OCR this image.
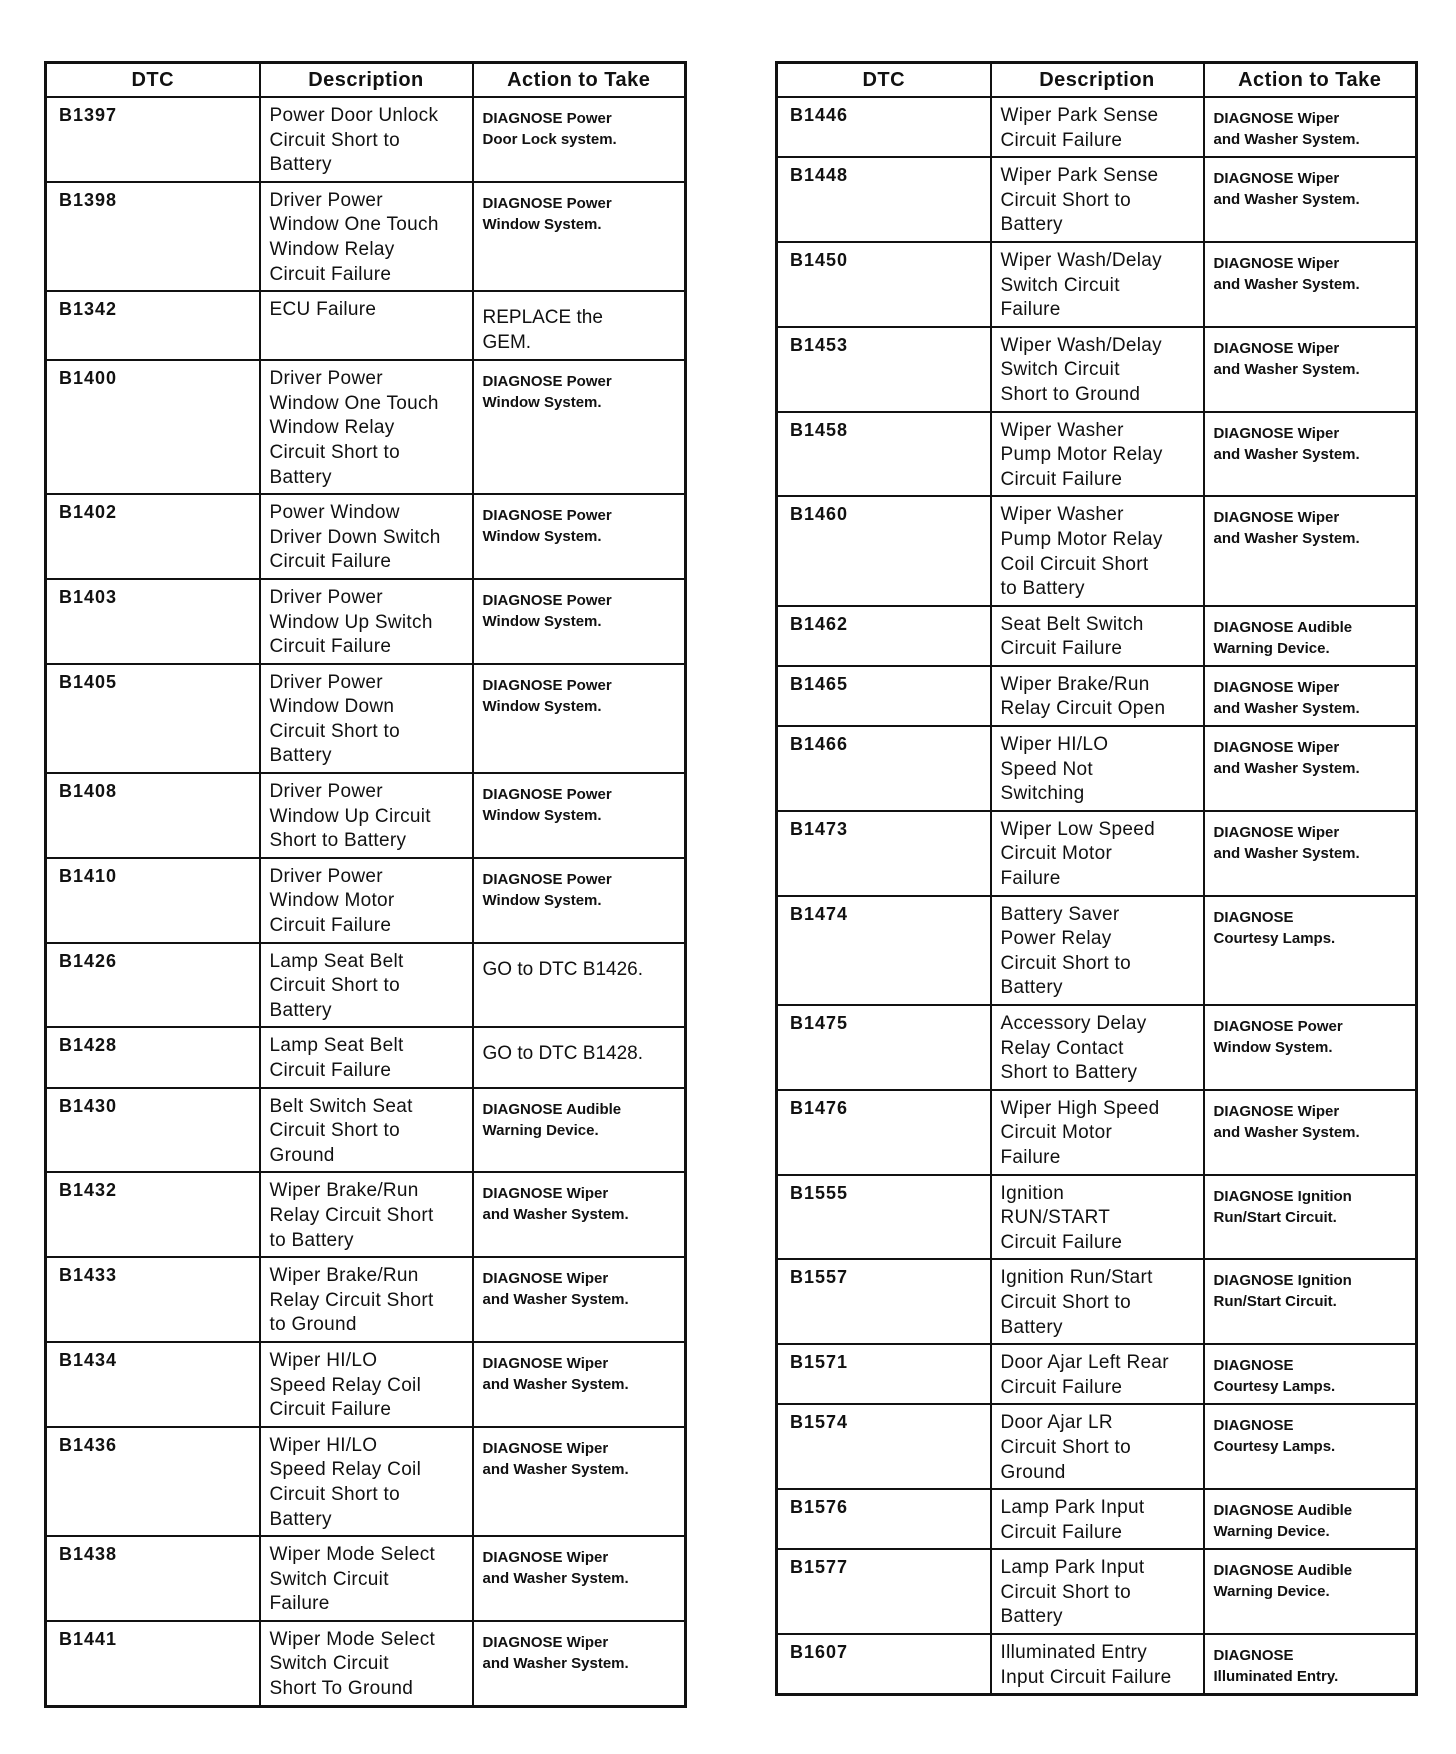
DTC	Description	Action to Take
B1397	Power Door Unlock
Circuit Short to
Battery	DIAGNOSE Power
Door Lock system.
B1398	Driver Power
Window One Touch
Window Relay
Circuit Failure	DIAGNOSE Power
Window System.
B1342	ECU Failure	REPLACE the
GEM.
B1400	Driver Power
Window One Touch
Window Relay
Circuit Short to
Battery	DIAGNOSE Power
Window System.
B1402	Power Window
Driver Down Switch
Circuit Failure	DIAGNOSE Power
Window System.
B1403	Driver Power
Window Up Switch
Circuit Failure	DIAGNOSE Power
Window System.
B1405	Driver Power
Window Down
Circuit Short to
Battery	DIAGNOSE Power
Window System.
B1408	Driver Power
Window Up Circuit
Short to Battery	DIAGNOSE Power
Window System.
B1410	Driver Power
Window Motor
Circuit Failure	DIAGNOSE Power
Window System.
B1426	Lamp Seat Belt
Circuit Short to
Battery	GO to DTC B1426.
B1428	Lamp Seat Belt
Circuit Failure	GO to DTC B1428.
B1430	Belt Switch Seat
Circuit Short to
Ground	DIAGNOSE Audible
Warning Device.
B1432	Wiper Brake/Run
Relay Circuit Short
to Battery	DIAGNOSE Wiper
and Washer System.
B1433	Wiper Brake/Run
Relay Circuit Short
to Ground	DIAGNOSE Wiper
and Washer System.
B1434	Wiper HI/LO
Speed Relay Coil
Circuit Failure	DIAGNOSE Wiper
and Washer System.
B1436	Wiper HI/LO
Speed Relay Coil
Circuit Short to
Battery	DIAGNOSE Wiper
and Washer System.
B1438	Wiper Mode Select
Switch Circuit
Failure	DIAGNOSE Wiper
and Washer System.
B1441	Wiper Mode Select
Switch Circuit
Short To Ground	DIAGNOSE Wiper
and Washer System.
DTC	Description	Action to Take
B1446	Wiper Park Sense
Circuit Failure	DIAGNOSE Wiper
and Washer System.
B1448	Wiper Park Sense
Circuit Short to
Battery	DIAGNOSE Wiper
and Washer System.
B1450	Wiper Wash/Delay
Switch Circuit
Failure	DIAGNOSE Wiper
and Washer System.
B1453	Wiper Wash/Delay
Switch Circuit
Short to Ground	DIAGNOSE Wiper
and Washer System.
B1458	Wiper Washer
Pump Motor Relay
Circuit Failure	DIAGNOSE Wiper
and Washer System.
B1460	Wiper Washer
Pump Motor Relay
Coil Circuit Short
to Battery	DIAGNOSE Wiper
and Washer System.
B1462	Seat Belt Switch
Circuit Failure	DIAGNOSE Audible
Warning Device.
B1465	Wiper Brake/Run
Relay Circuit Open	DIAGNOSE Wiper
and Washer System.
B1466	Wiper HI/LO
Speed Not
Switching	DIAGNOSE Wiper
and Washer System.
B1473	Wiper Low Speed
Circuit Motor
Failure	DIAGNOSE Wiper
and Washer System.
B1474	Battery Saver
Power Relay
Circuit Short to
Battery	DIAGNOSE
Courtesy Lamps.
B1475	Accessory Delay
Relay Contact
Short to Battery	DIAGNOSE Power
Window System.
B1476	Wiper High Speed
Circuit Motor
Failure	DIAGNOSE Wiper
and Washer System.
B1555	Ignition
RUN/START
Circuit Failure	DIAGNOSE Ignition
Run/Start Circuit.
B1557	Ignition Run/Start
Circuit Short to
Battery	DIAGNOSE Ignition
Run/Start Circuit.
B1571	Door Ajar Left Rear
Circuit Failure	DIAGNOSE
Courtesy Lamps.
B1574	Door Ajar LR
Circuit Short to
Ground	DIAGNOSE
Courtesy Lamps.
B1576	Lamp Park Input
Circuit Failure	DIAGNOSE Audible
Warning Device.
B1577	Lamp Park Input
Circuit Short to
Battery	DIAGNOSE Audible
Warning Device.
B1607	Illuminated Entry
Input Circuit Failure	DIAGNOSE
Illuminated Entry.
